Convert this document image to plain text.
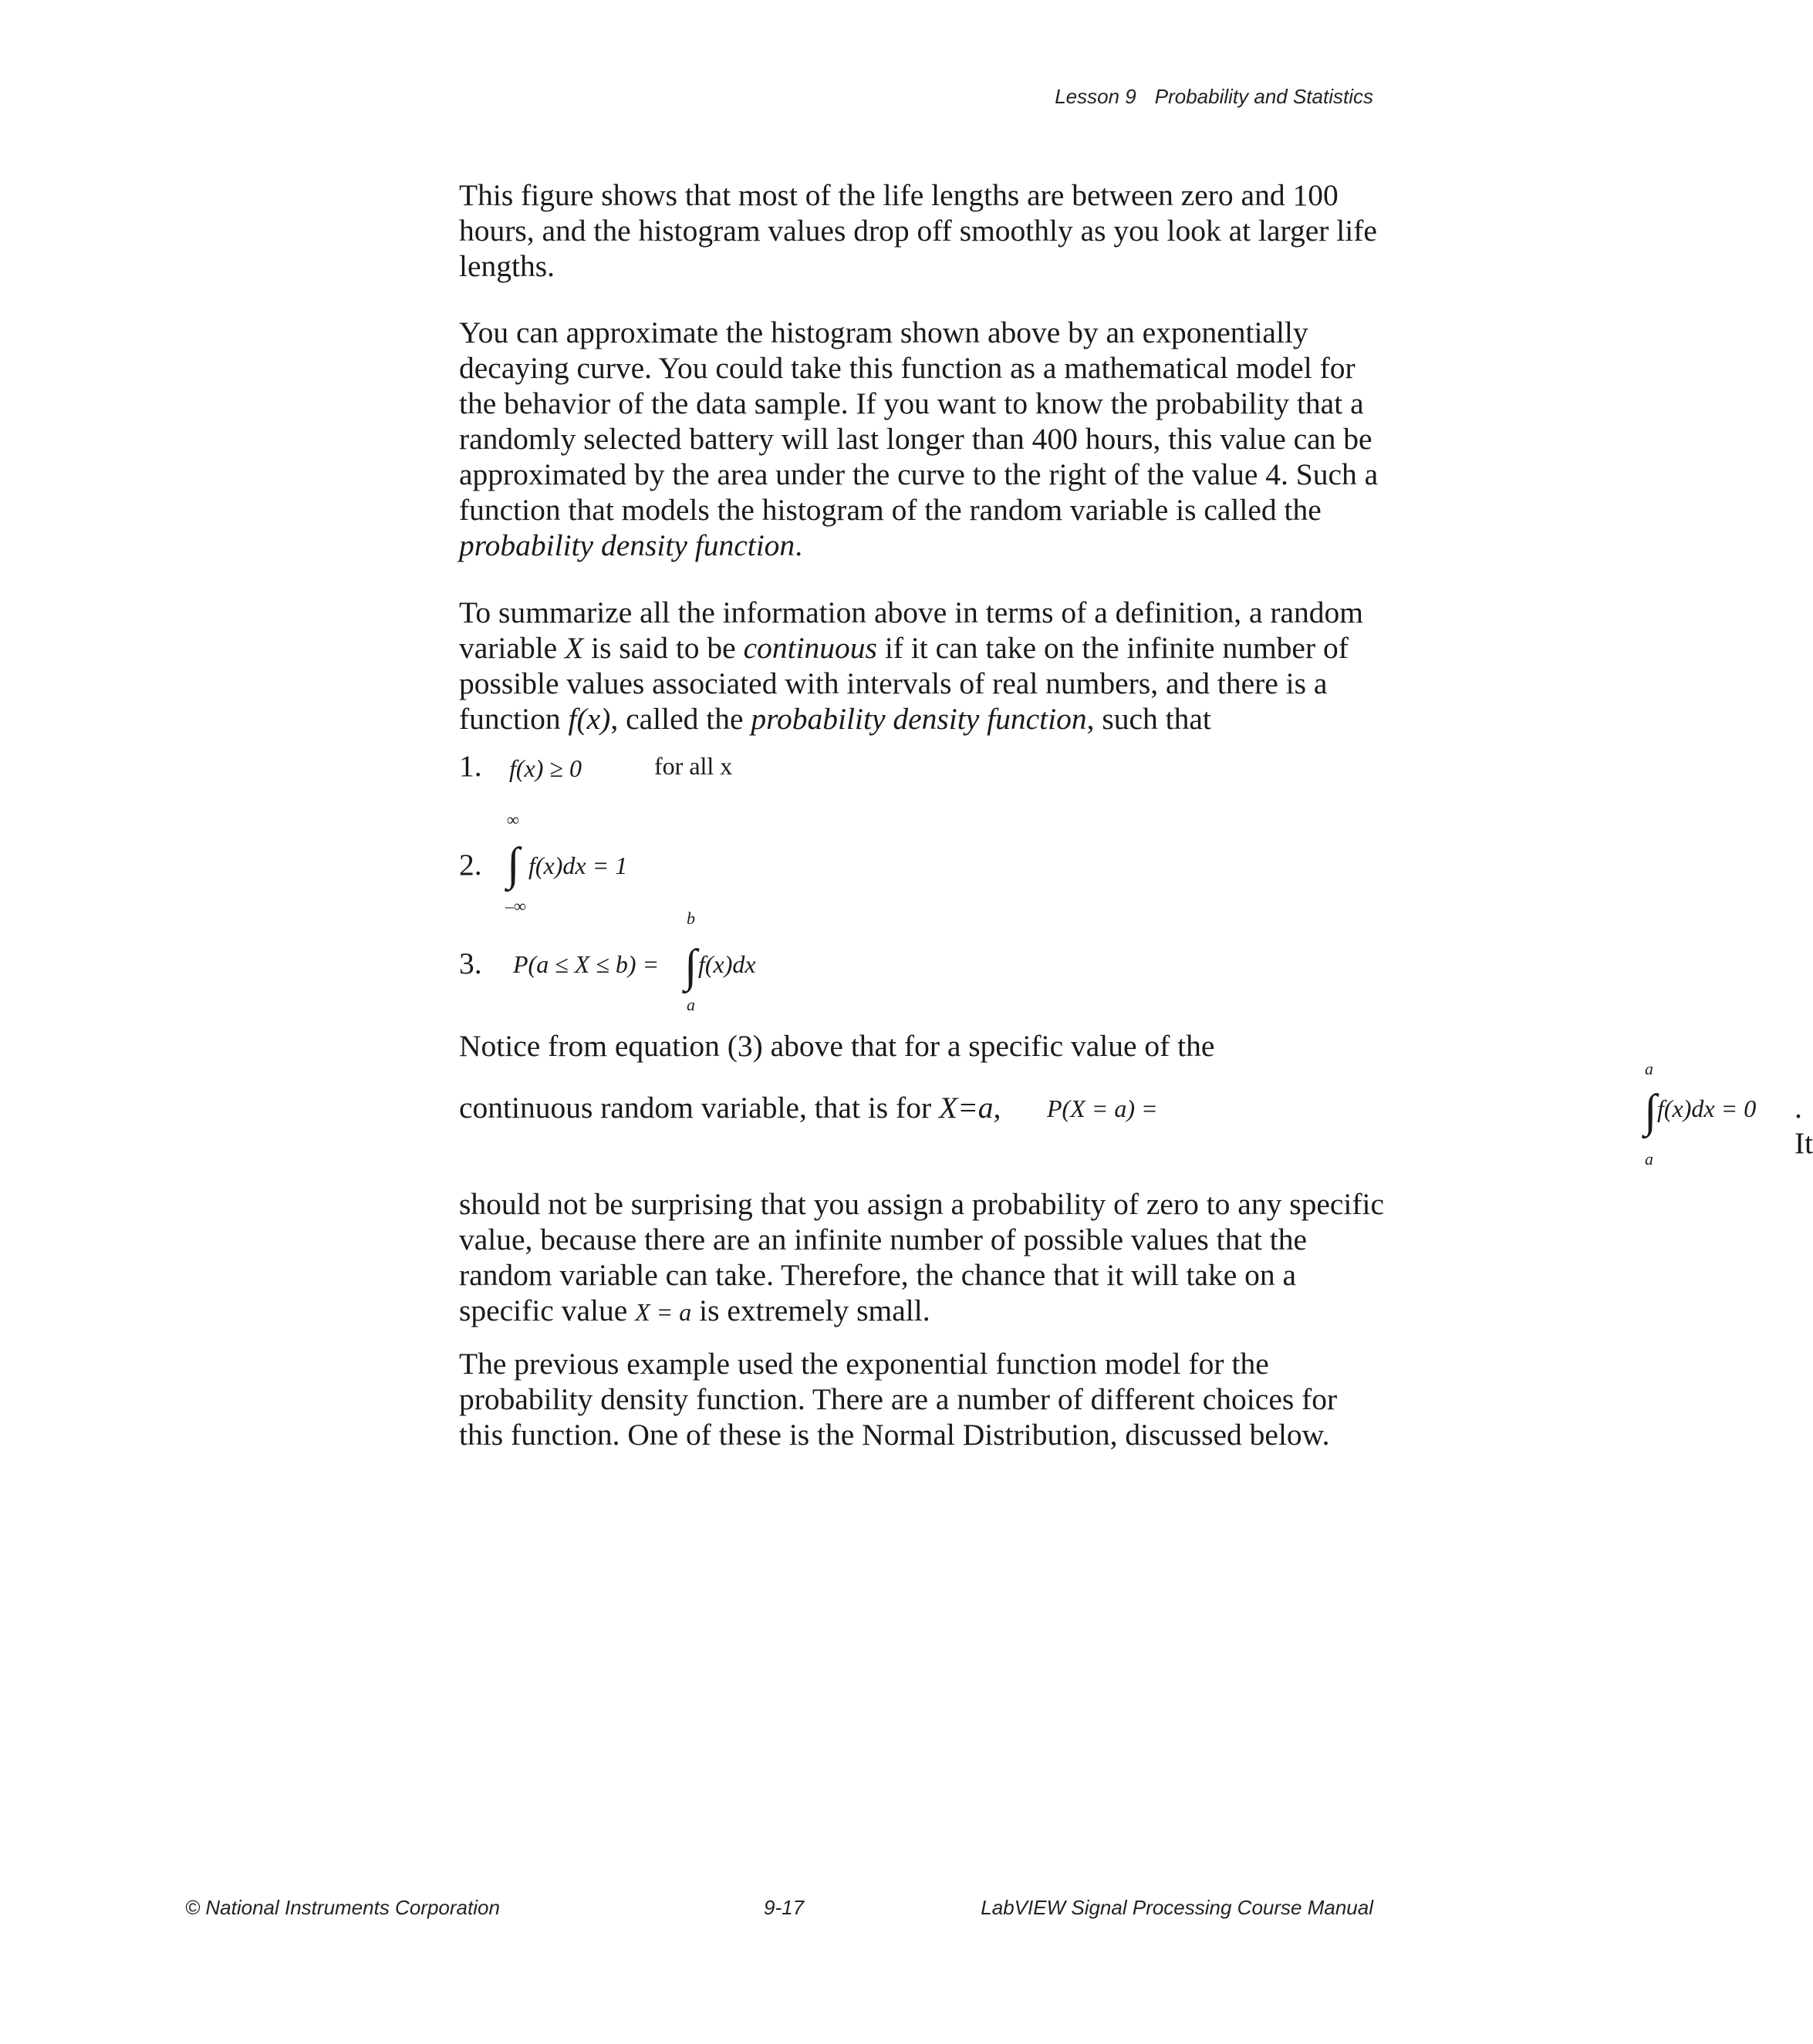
Lesson 9 Probability and Statistics

This figure shows that most of the life lengths are between zero and 100 hours, and the histogram values drop off smoothly as you look at larger life lengths.

You can approximate the histogram shown above by an exponentially decaying curve. You could take this function as a mathematical model for the behavior of the data sample. If you want to know the probability that a randomly selected battery will last longer than 400 hours, this value can be approximated by the area under the curve to the right of the value 4. Such a function that models the histogram of the random variable is called the probability density function.

To summarize all the information above in terms of a definition, a random variable X is said to be continuous if it can take on the infinite number of possible values associated with intervals of real numbers, and there is a function f(x), called the probability density function, such that

1. f(x) ≥ 0	for all x
2.
∞
∫
–∞
f(x)dx = 1
3. P(a ≤ X ≤ b) =
b
∫
a
f(x)dx

Notice from equation (3) above that for a specific value of the

continuous random variable, that is for X=a, P(X = a) =
a
∫
a
f(x)dx = 0 . It

should not be surprising that you assign a probability of zero to any specific value, because there are an infinite number of possible values that the random variable can take. Therefore, the chance that it will take on a specific value X = a is extremely small.

The previous example used the exponential function model for the probability density function. There are a number of different choices for this function. One of these is the Normal Distribution, discussed below.

© National Instruments Corporation	9-17	LabVIEW Signal Processing Course Manual
